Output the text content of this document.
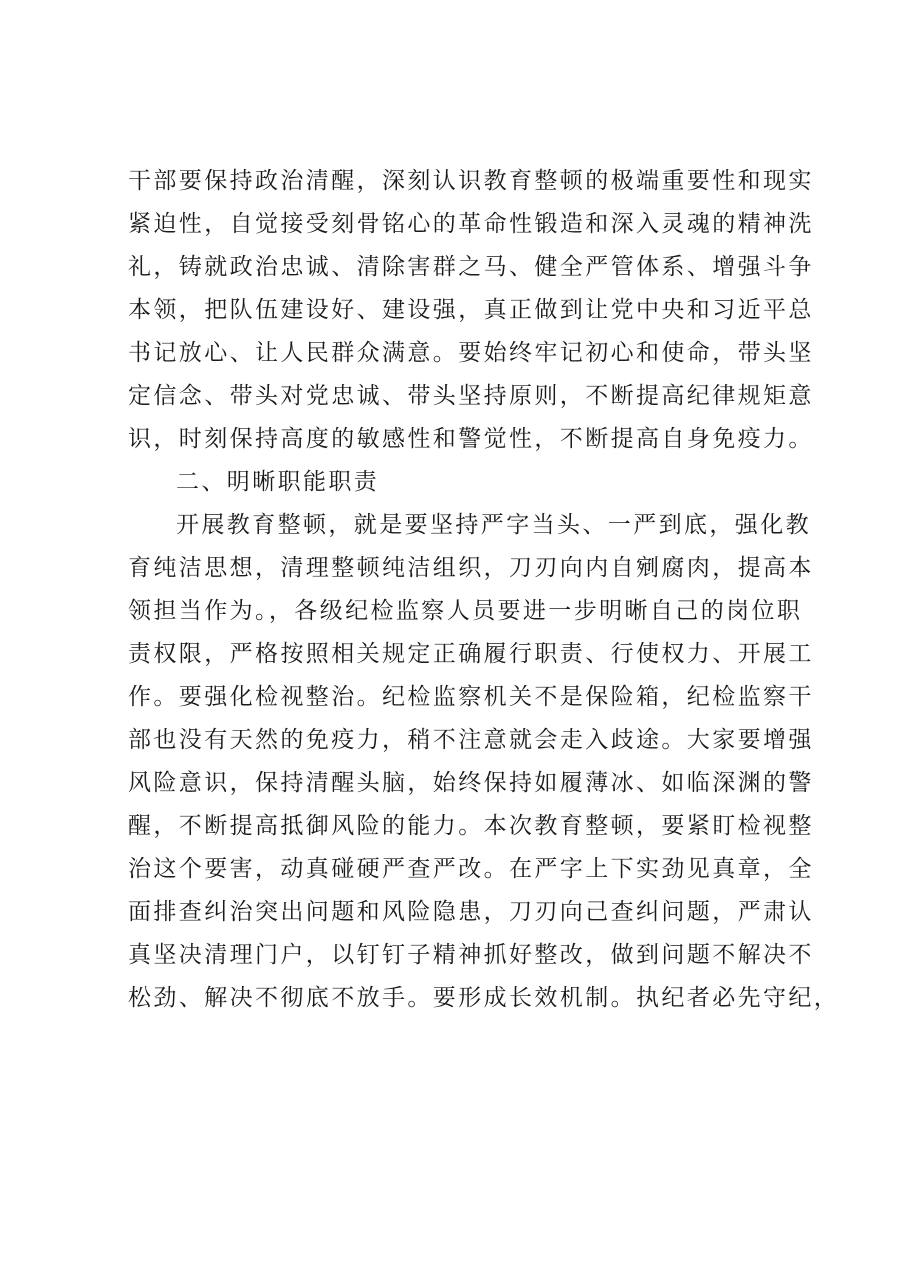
干部要保持政治清醒，深刻认识教育整顿的极端重要性和现实
紧迫性，自觉接受刻骨铭心的革命性锻造和深入灵魂的精神洗
礼，铸就政治忠诚、清除害群之马、健全严管体系、增强斗争
本领，把队伍建设好、建设强，真正做到让党中央和习近平总
书记放心、让人民群众满意。要始终牢记初心和使命，带头坚
定信念、带头对党忠诚、带头坚持原则，不断提高纪律规矩意
识，时刻保持高度的敏感性和警觉性，不断提高自身免疫力。
二、明晰职能职责
开展教育整顿，就是要坚持严字当头、一严到底，强化教
育纯洁思想，清理整顿纯洁组织，刀刃向内自剜腐肉，提高本
领担当作为。，各级纪检监察人员要进一步明晰自己的岗位职
责权限，严格按照相关规定正确履行职责、行使权力、开展工
作。要强化检视整治。纪检监察机关不是保险箱，纪检监察干
部也没有天然的免疫力，稍不注意就会走入歧途。大家要增强
风险意识，保持清醒头脑，始终保持如履薄冰、如临深渊的警
醒，不断提高抵御风险的能力。本次教育整顿，要紧盯检视整
治这个要害，动真碰硬严查严改。在严字上下实劲见真章，全
面排查纠治突出问题和风险隐患，刀刃向己查纠问题，严肃认
真坚决清理门户，以钉钉子精神抓好整改，做到问题不解决不
松劲、解决不彻底不放手。要形成长效机制。执纪者必先守纪，
